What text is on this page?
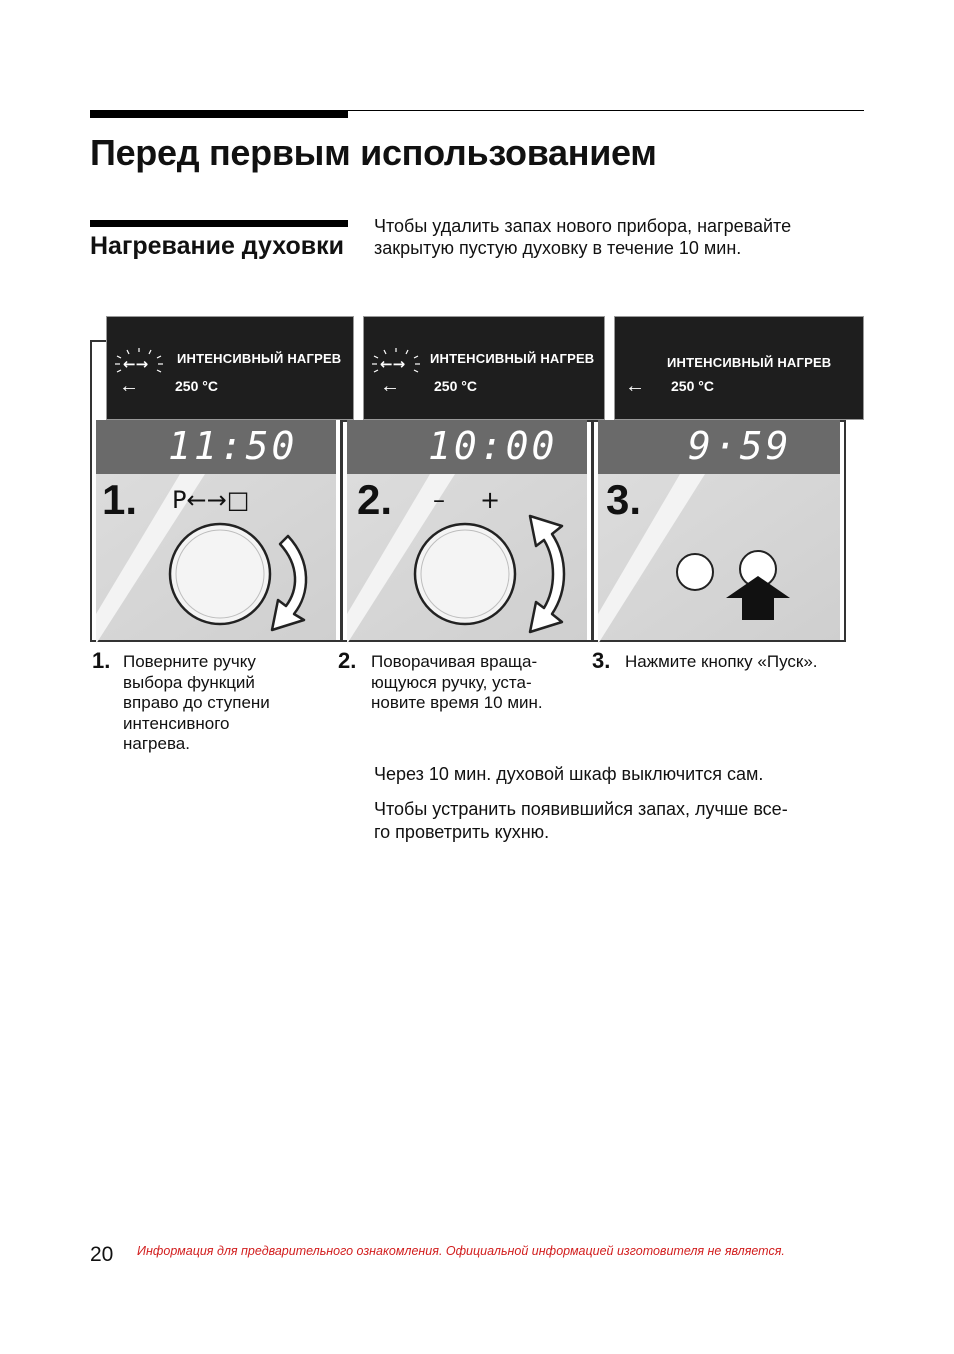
Перед первым использованием
Нагревание духовки

Чтобы удалить запах нового прибора, нагревайте закрытую пустую духовку в течение 10 мин.

←→ ИНТЕНСИВНЫЙ НАГРЕВ
←	250 °C
←→ ИНТЕНСИВНЫЙ НАГРЕВ
← 250 °C
ИНТЕНСИВНЫЙ НАГРЕВ
← 250 °C
11:50	10:00	9·59
1.	2.	3.
P←→□	– +
1. Поверните ручку
выбора функций
вправо до ступени
интенсивного
нагрева.

2. Поворачивая враща-
ющуюся ручку, уста-
новите время 10 мин.

3. Нажмите кнопку «Пуск».

Через 10 мин. духовой шкаф выключится сам.

Чтобы устранить появившийся запах, лучше все-
го проветрить кухню.

20 Информация для предварительного ознакомления. Официальной информацией изготовителя не является.
